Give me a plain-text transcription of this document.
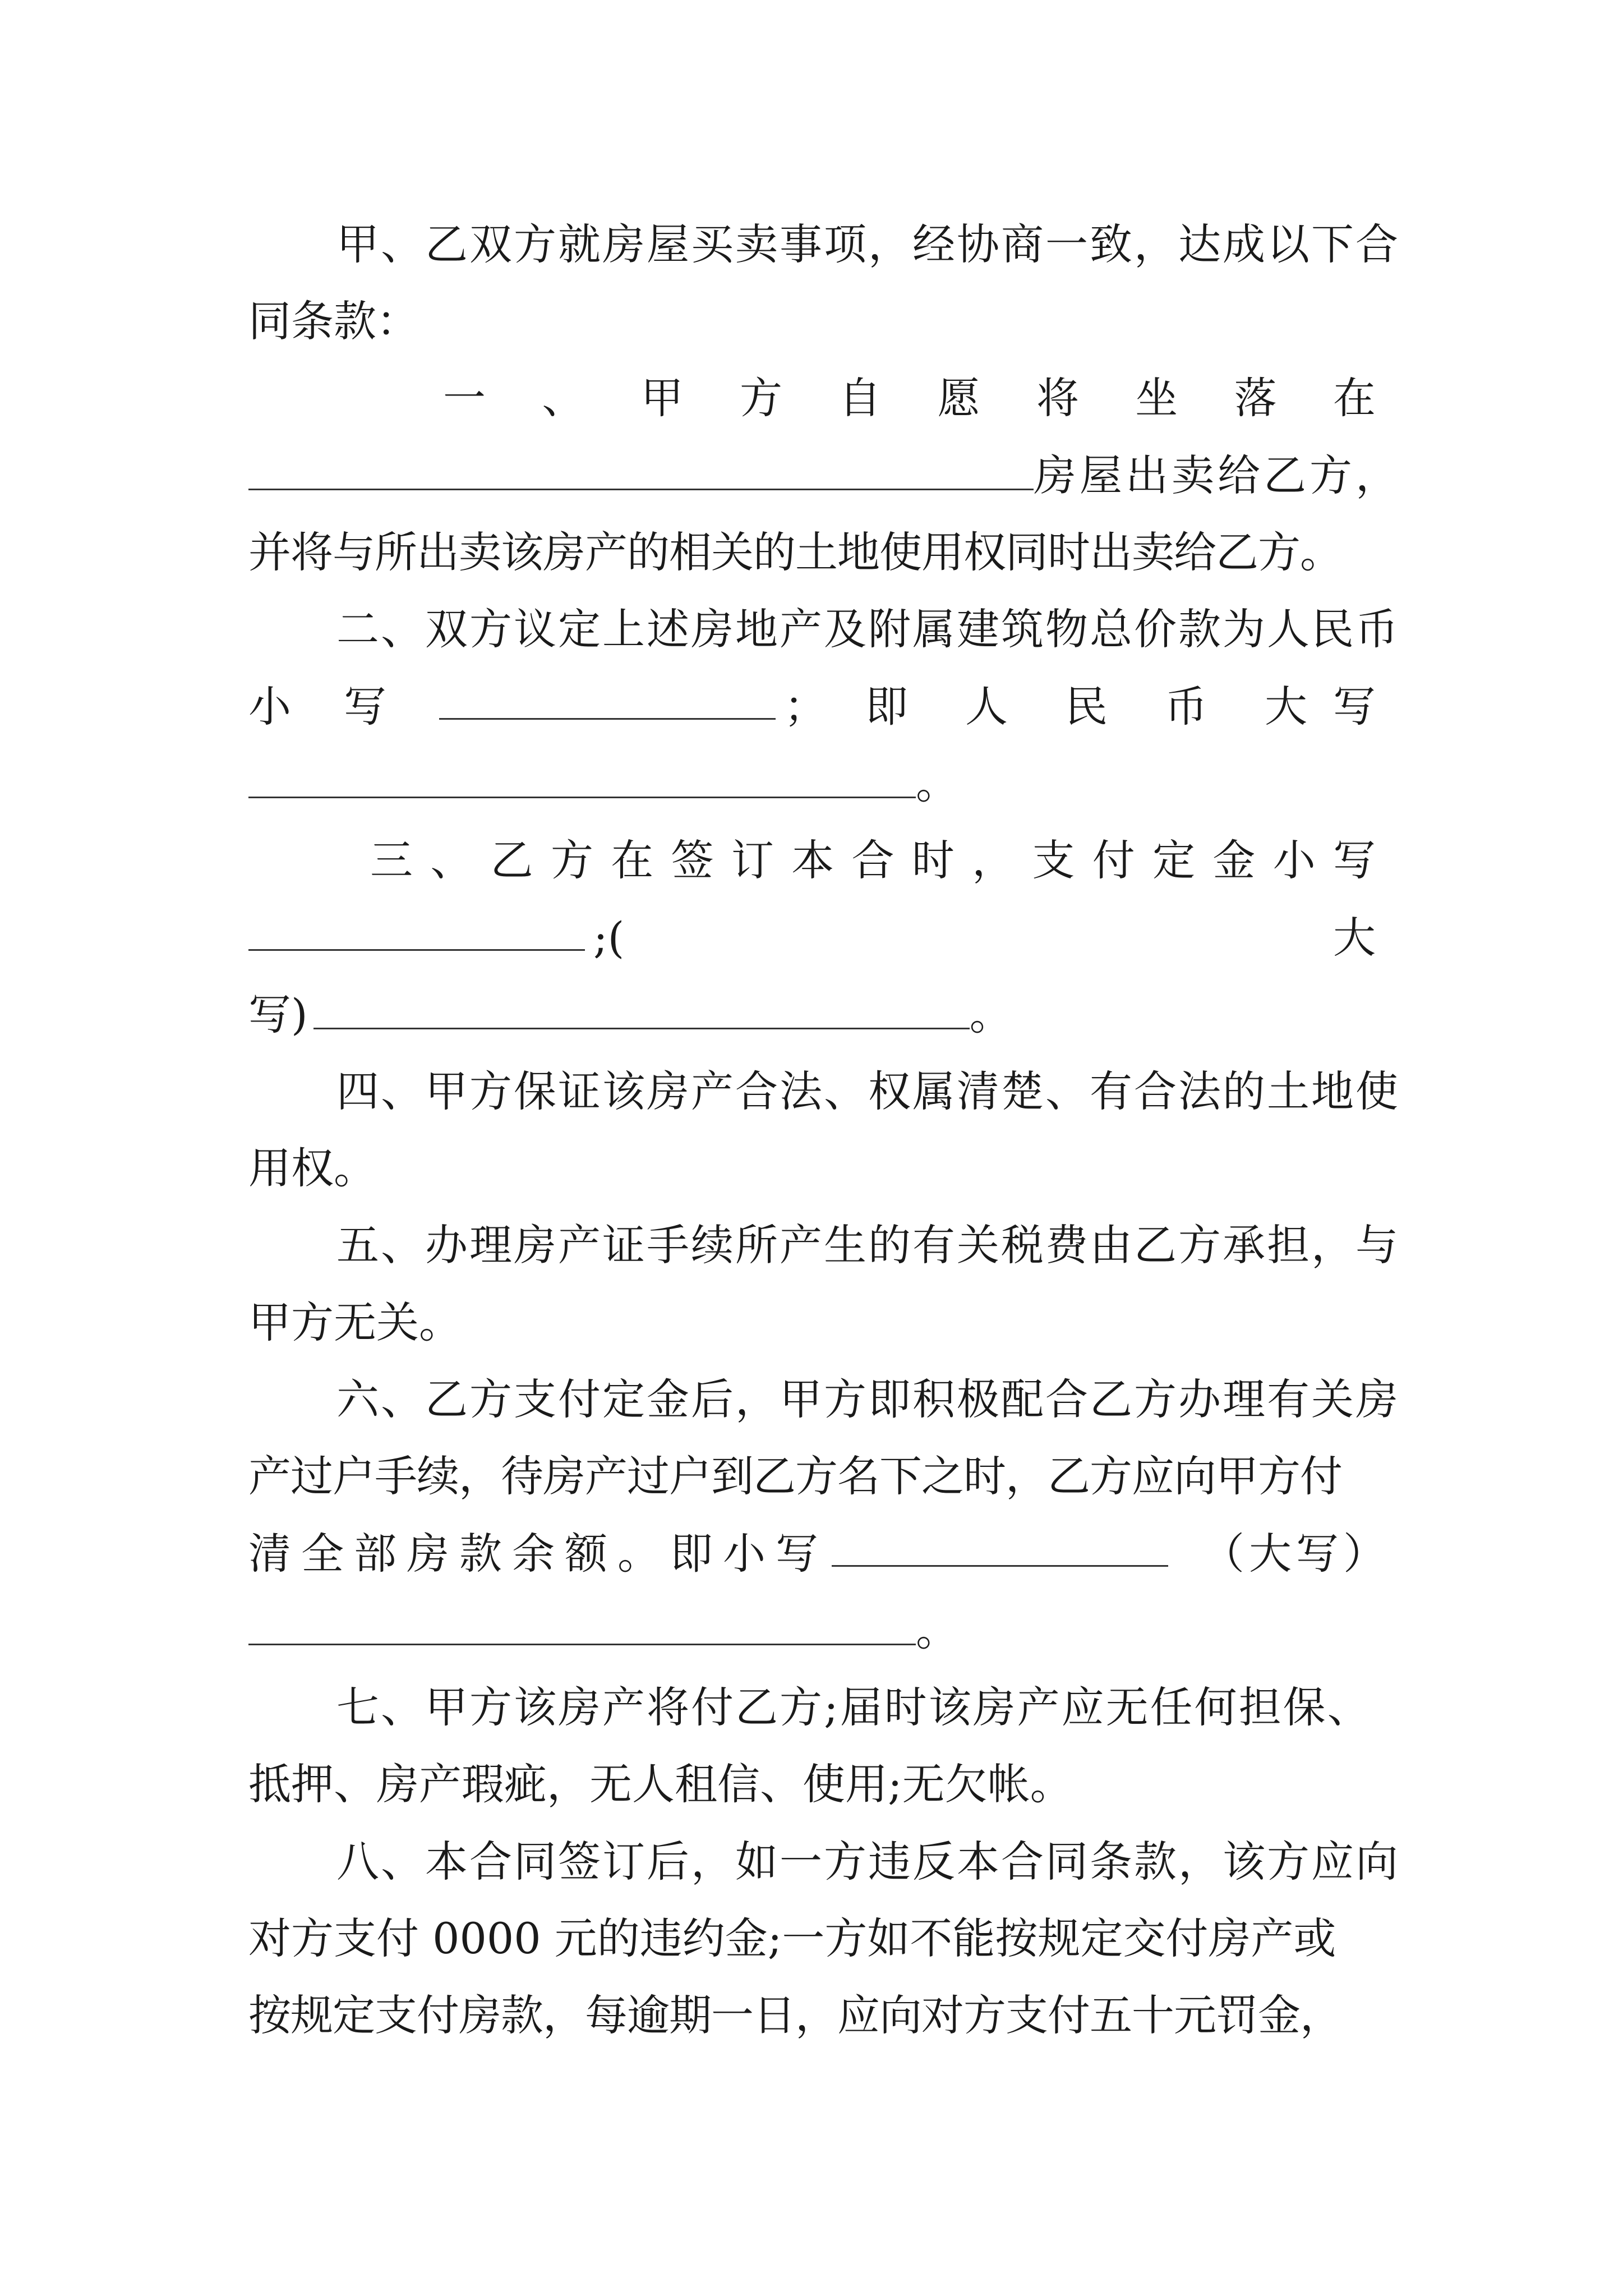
甲、乙双方就房屋买卖事项，经协商一致，达成以下合
同条款：
一 、 甲 方 自 愿 将 坐 落 在
房屋出卖给乙方，
并将与所出卖该房产的相关的土地使用权同时出卖给乙方。
二、双方议定上述房地产及附属建筑物总价款为人民币
小 写	； 即 人 民 币 大 写
。
三 、 乙 方 在 签 订 本 合 时 ， 支 付 定 金 小 写
;(	大
写)	。
四、甲方保证该房产合法、权属清楚、有合法的土地使
用权。
五、办理房产证手续所产生的有关税费由乙方承担，与
甲方无关。
六、乙方支付定金后，甲方即积极配合乙方办理有关房
产过户手续，待房产过户到乙方名下之时，乙方应向甲方付
（大写）
清 全 部 房 款 余 额 。 即 小 写
。
七、甲方该房产将付乙方;届时该房产应无任何担保、
抵押、房产瑕疵，无人租信、使用;无欠帐。
八、本合同签订后，如一方违反本合同条款，该方应向
对方支付 0000 元的违约金;一方如不能按规定交付房产或
按规定支付房款，每逾期一日，应向对方支付五十元罚金，
